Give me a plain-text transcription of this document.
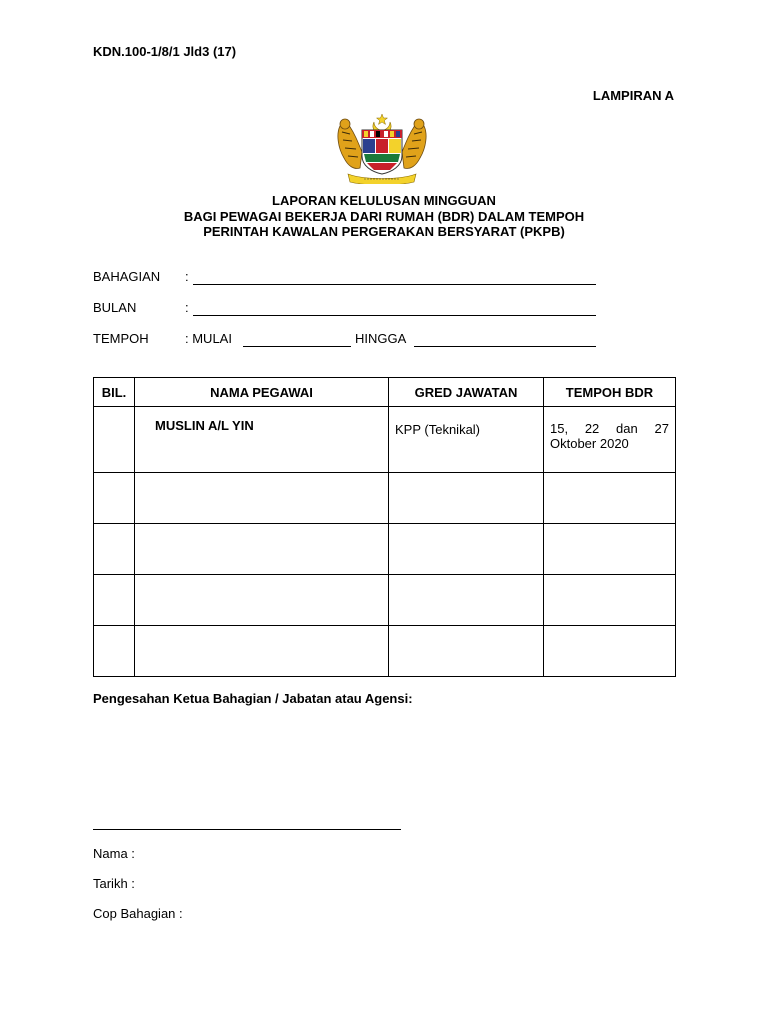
KDN.100-1/8/1 Jld3 (17)
LAMPIRAN A
LAPORAN KELULUSAN MINGGUAN
BAGI PEWAGAI BEKERJA DARI RUMAH (BDR) DALAM TEMPOH
PERINTAH KAWALAN PERGERAKAN BERSYARAT (PKPB)
BAHAGIAN :
BULAN	:
TEMPOH	: MULAI	HINGGA
BIL.	NAMA PEGAWAI	GRED JAWATAN	TEMPOH BDR
	MUSLIN A/L YIN	KPP (Teknikal)	15, 22 dan 27
Oktober 2020

Pengesahan Ketua Bahagian / Jabatan atau Agensi:
Nama :
Tarikh :
Cop Bahagian :
